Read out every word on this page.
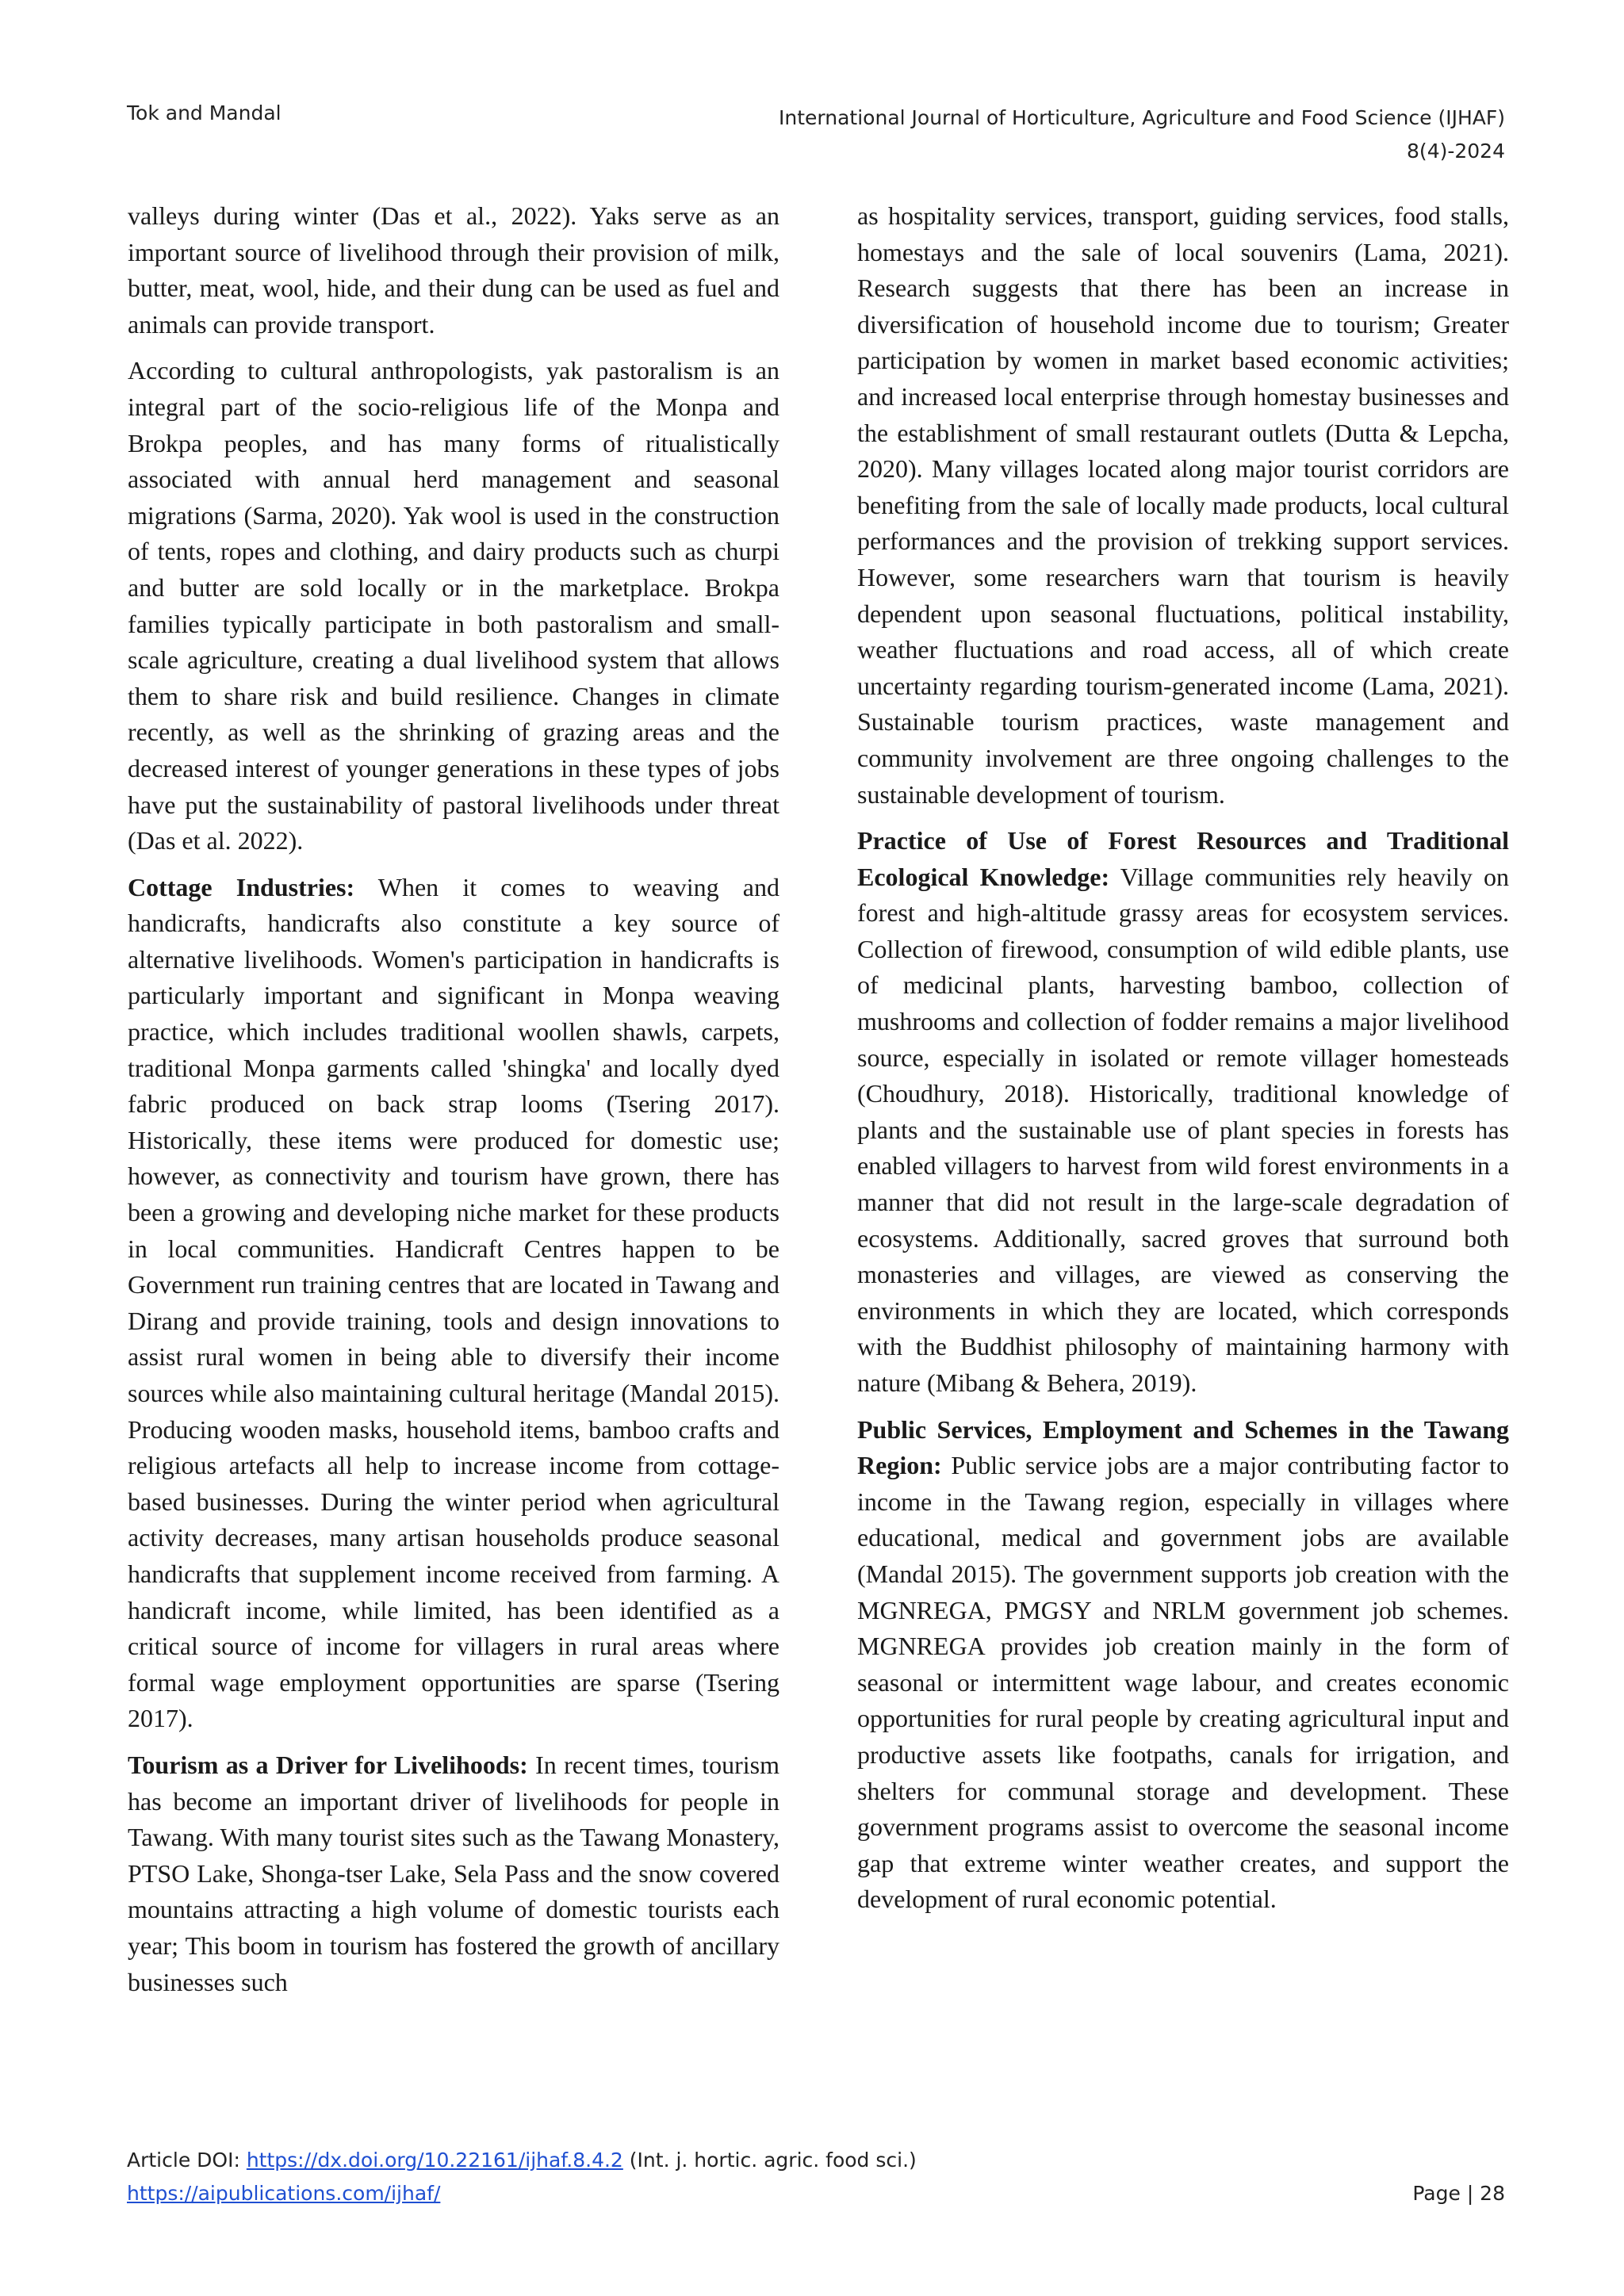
Tok and Mandal	International Journal of Horticulture, Agriculture and Food Science (IJHAF)
8(4)-2024

valleys during winter (Das et al., 2022). Yaks serve as an important source of livelihood through their provision of milk, butter, meat, wool, hide, and their dung can be used as fuel and animals can provide transport.

According to cultural anthropologists, yak pastoralism is an integral part of the socio-religious life of the Monpa and Brokpa peoples, and has many forms of ritualistically associated with annual herd management and seasonal migrations (Sarma, 2020). Yak wool is used in the construction of tents, ropes and clothing, and dairy products such as churpi and butter are sold locally or in the marketplace. Brokpa families typically participate in both pastoralism and small-scale agriculture, creating a dual livelihood system that allows them to share risk and build resilience. Changes in climate recently, as well as the shrinking of grazing areas and the decreased interest of younger generations in these types of jobs have put the sustainability of pastoral livelihoods under threat (Das et al. 2022).

Cottage Industries: When it comes to weaving and handicrafts, handicrafts also constitute a key source of alternative livelihoods. Women's participation in handicrafts is particularly important and significant in Monpa weaving practice, which includes traditional woollen shawls, carpets, traditional Monpa garments called 'shingka' and locally dyed fabric produced on back strap looms (Tsering 2017). Historically, these items were produced for domestic use; however, as connectivity and tourism have grown, there has been a growing and developing niche market for these products in local communities. Handicraft Centres happen to be Government run training centres that are located in Tawang and Dirang and provide training, tools and design innovations to assist rural women in being able to diversify their income sources while also maintaining cultural heritage (Mandal 2015). Producing wooden masks, household items, bamboo crafts and religious artefacts all help to increase income from cottage-based businesses. During the winter period when agricultural activity decreases, many artisan households produce seasonal handicrafts that supplement income received from farming. A handicraft income, while limited, has been identified as a critical source of income for villagers in rural areas where formal wage employment opportunities are sparse (Tsering 2017).

Tourism as a Driver for Livelihoods: In recent times, tourism has become an important driver of livelihoods for people in Tawang. With many tourist sites such as the Tawang Monastery, PTSO Lake, Shonga-tser Lake, Sela Pass and the snow covered mountains attracting a high volume of domestic tourists each year; This boom in tourism has fostered the growth of ancillary businesses such

as hospitality services, transport, guiding services, food stalls, homestays and the sale of local souvenirs (Lama, 2021). Research suggests that there has been an increase in diversification of household income due to tourism; Greater participation by women in market based economic activities; and increased local enterprise through homestay businesses and the establishment of small restaurant outlets (Dutta & Lepcha, 2020). Many villages located along major tourist corridors are benefiting from the sale of locally made products, local cultural performances and the provision of trekking support services. However, some researchers warn that tourism is heavily dependent upon seasonal fluctuations, political instability, weather fluctuations and road access, all of which create uncertainty regarding tourism-generated income (Lama, 2021). Sustainable tourism practices, waste management and community involvement are three ongoing challenges to the sustainable development of tourism.

Practice of Use of Forest Resources and Traditional Ecological Knowledge: Village communities rely heavily on forest and high-altitude grassy areas for ecosystem services. Collection of firewood, consumption of wild edible plants, use of medicinal plants, harvesting bamboo, collection of mushrooms and collection of fodder remains a major livelihood source, especially in isolated or remote villager homesteads (Choudhury, 2018). Historically, traditional knowledge of plants and the sustainable use of plant species in forests has enabled villagers to harvest from wild forest environments in a manner that did not result in the large-scale degradation of ecosystems. Additionally, sacred groves that surround both monasteries and villages, are viewed as conserving the environments in which they are located, which corresponds with the Buddhist philosophy of maintaining harmony with nature (Mibang & Behera, 2019).

Public Services, Employment and Schemes in the Tawang Region: Public service jobs are a major contributing factor to income in the Tawang region, especially in villages where educational, medical and government jobs are available (Mandal 2015). The government supports job creation with the MGNREGA, PMGSY and NRLM government job schemes. MGNREGA provides job creation mainly in the form of seasonal or intermittent wage labour, and creates economic opportunities for rural people by creating agricultural input and productive assets like footpaths, canals for irrigation, and shelters for communal storage and development. These government programs assist to overcome the seasonal income gap that extreme winter weather creates, and support the development of rural economic potential.

Article DOI: https://dx.doi.org/10.22161/ijhaf.8.4.2 (Int. j. hortic. agric. food sci.)
https://aipublications.com/ijhaf/	Page | 28
